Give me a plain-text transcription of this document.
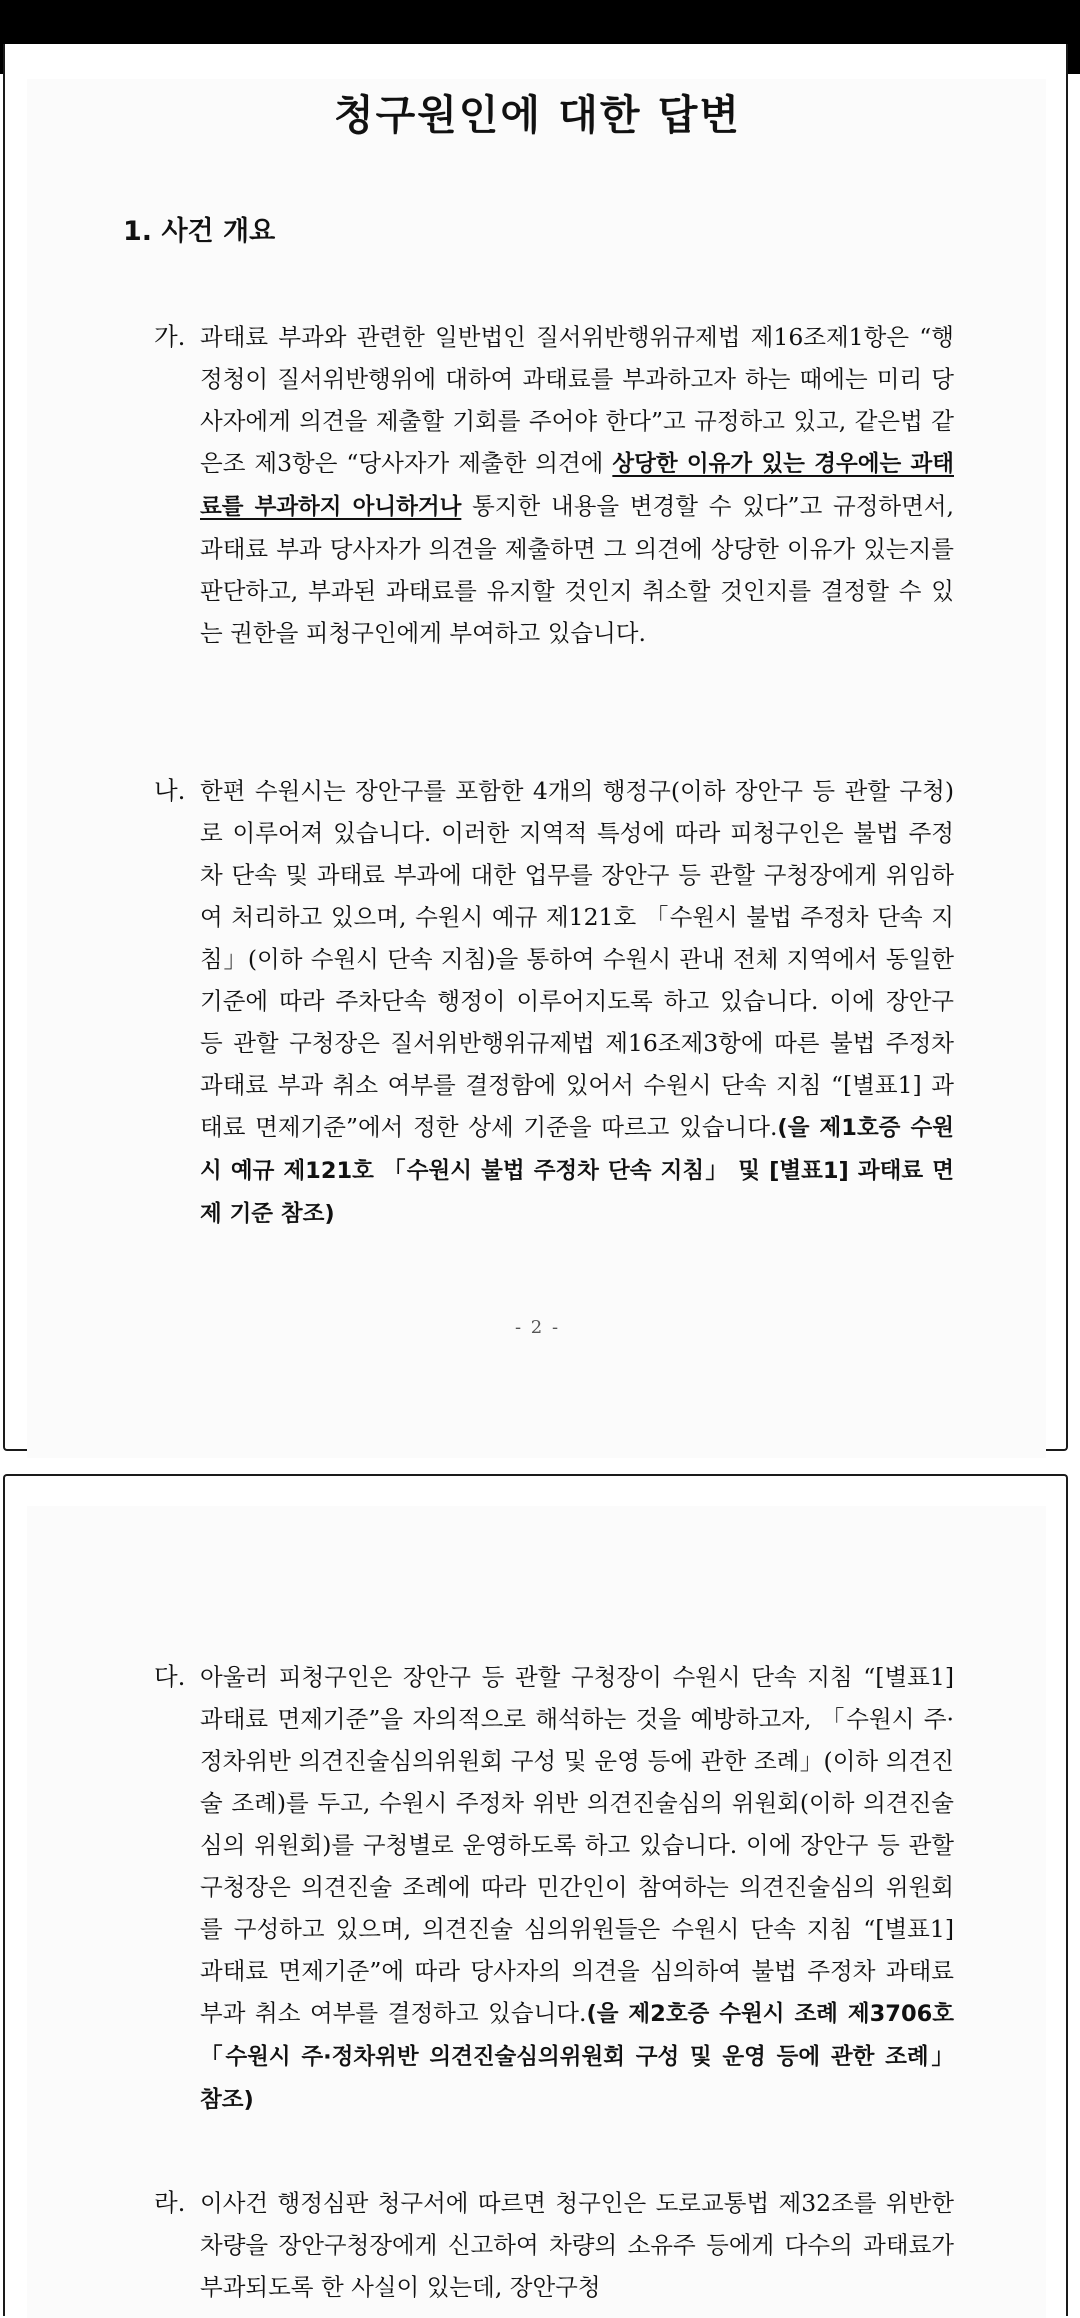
청구원인에 대한 답변
1. 사건 개요
가. 과태료 부과와 관련한 일반법인 질서위반행위규제법 제16조제1항은 “행정청이 질서위반행위에 대하여 과태료를 부과하고자 하는 때에는 미리 당사자에게 의견을 제출할 기회를 주어야 한다”고 규정하고 있고, 같은법 같은조 제3항은 “당사자가 제출한 의견에 상당한 이유가 있는 경우에는 과태료를 부과하지 아니하거나 통지한 내용을 변경할 수 있다”고 규정하면서, 과태료 부과 당사자가 의견을 제출하면 그 의견에 상당한 이유가 있는지를 판단하고, 부과된 과태료를 유지할 것인지 취소할 것인지를 결정할 수 있는 권한을 피청구인에게 부여하고 있습니다.

나. 한편 수원시는 장안구를 포함한 4개의 행정구(이하 장안구 등 관할 구청)로 이루어져 있습니다. 이러한 지역적 특성에 따라 피청구인은 불법 주정차 단속 및 과태료 부과에 대한 업무를 장안구 등 관할 구청장에게 위임하여 처리하고 있으며, 수원시 예규 제121호 「수원시 불법 주정차 단속 지침」(이하 수원시 단속 지침)을 통하여 수원시 관내 전체 지역에서 동일한 기준에 따라 주차단속 행정이 이루어지도록 하고 있습니다. 이에 장안구 등 관할 구청장은 질서위반행위규제법 제16조제3항에 따른 불법 주정차 과태료 부과 취소 여부를 결정함에 있어서 수원시 단속 지침 “[별표1] 과태료 면제기준”에서 정한 상세 기준을 따르고 있습니다.(을 제1호증 수원시 예규 제121호 「수원시 불법 주정차 단속 지침」 및 [별표1] 과태료 면제 기준 참조)

- 2 -
다. 아울러 피청구인은 장안구 등 관할 구청장이 수원시 단속 지침 “[별표1] 과태료 면제기준”을 자의적으로 해석하는 것을 예방하고자, 「수원시 주·정차위반 의견진술심의위원회 구성 및 운영 등에 관한 조례」(이하 의견진술 조례)를 두고, 수원시 주정차 위반 의견진술심의 위원회(이하 의견진술심의 위원회)를 구청별로 운영하도록 하고 있습니다. 이에 장안구 등 관할 구청장은 의견진술 조례에 따라 민간인이 참여하는 의견진술심의 위원회를 구성하고 있으며, 의견진술 심의위원들은 수원시 단속 지침 “[별표1] 과태료 면제기준”에 따라 당사자의 의견을 심의하여 불법 주정차 과태료 부과 취소 여부를 결정하고 있습니다.(을 제2호증 수원시 조례 제3706호 「수원시 주·정차위반 의견진술심의위원회 구성 및 운영 등에 관한 조례」 참조)

라. 이사건 행정심판 청구서에 따르면 청구인은 도로교통법 제32조를 위반한 차량을 장안구청장에게 신고하여 차량의 소유주 등에게 다수의 과태료가 부과되도록 한 사실이 있는데, 장안구청
